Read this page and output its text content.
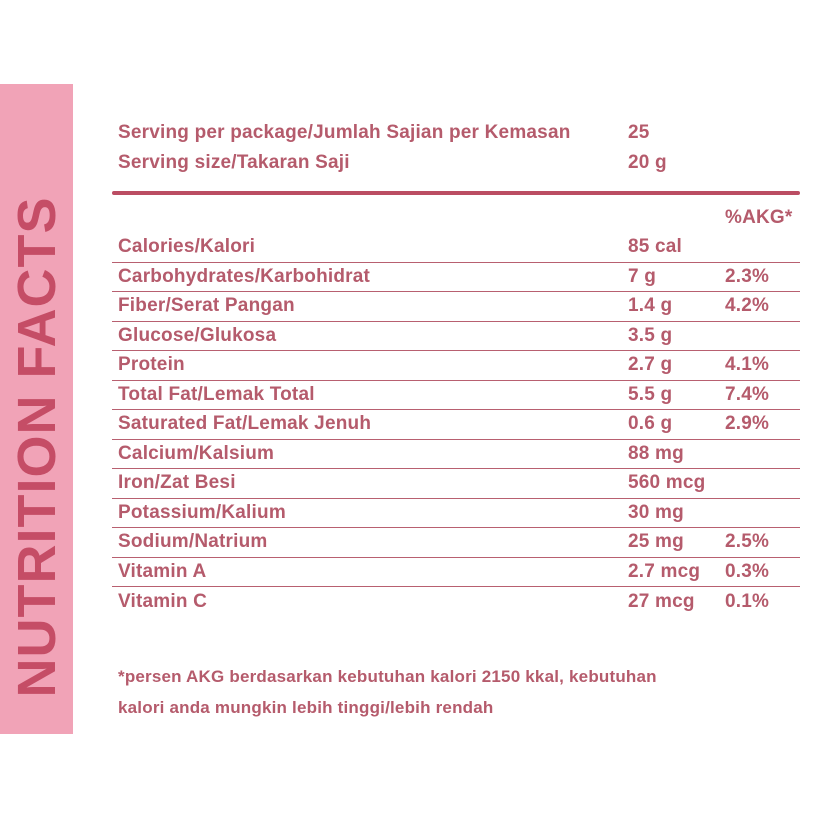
NUTRITION FACTS
Serving per package/Jumlah Sajian per Kemasan	25
Serving size/Takaran Saji	20 g
%AKG*
Calories/Kalori	85 cal
Carbohydrates/Karbohidrat	7 g	2.3%
Fiber/Serat Pangan	1.4 g	4.2%
Glucose/Glukosa	3.5 g
Protein	2.7 g	4.1%
Total Fat/Lemak Total	5.5 g	7.4%
Saturated Fat/Lemak Jenuh	0.6 g	2.9%
Calcium/Kalsium	88 mg
Iron/Zat Besi	560 mcg
Potassium/Kalium	30 mg
Sodium/Natrium	25 mg	2.5%
Vitamin A	2.7 mcg	0.3%
Vitamin C	27 mcg	0.1%
*persen AKG berdasarkan kebutuhan kalori 2150 kkal, kebutuhan
kalori anda mungkin lebih tinggi/lebih rendah
